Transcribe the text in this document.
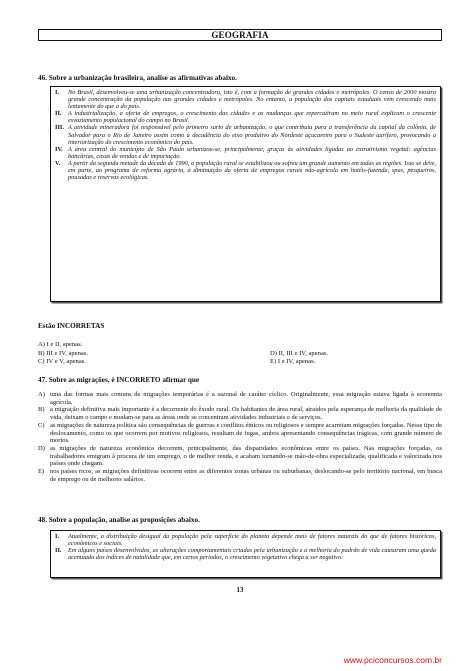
GEOGRAFIA
46. Sobre a urbanização brasileira, analise as afirmativas abaixo.
I.	No Brasil, desenvolveu-se uma urbanização concentradora, isto é, com a formação de grandes cidades e metrópoles. O censo de 2000 mostra grande concentração da população nas grandes cidades e metrópoles. No entanto, a população das capitais estaduais vem crescendo mais lentamente do que a do país.
II.	A industrialização, a oferta de empregos, o crescimento das cidades e as mudanças que repercutiram no meio rural explicam o crescente esvaziamento populacional do campo no Brasil.
III. A atividade mineradora foi responsável pelo primeiro surto de urbanização, o que contribuiu para a transferência da capital da colônia, de Salvador para o Rio de Janeiro assim como à decadência do eixo produtivo do Nordeste açucareiro para o Sudeste aurífero, provocando a interiorização do crescimento econômico do país.
IV. A área central do município de São Paulo urbanizou-se, principalmente, graças às atividades ligadas ao extrativismo vegetal: agências bancárias, casas de vendas e de importação.
V.	A partir da segunda metade da década de 1990, a população rural se estabilizou ou sofreu um grande aumento em todas as regiões. Isso se deve, em parte, ao programa de reforma agrária, à diminuição da oferta de empregos rurais não-agrícola em hotéis-fazenda, spas, pesqueiros, pousadas e reservas ecológicas.
Estão INCORRETAS
A) I e II, apenas.
B) III e IV, apenas.	D) II, III e IV, apenas.
C) IV e V, apenas.	E) I e IV, apenas.
47. Sobre as migrações, é INCORRETO afirmar que
A) uma das formas mais comuns de migrações temporárias é a sazonal de caráter cíclico. Originalmente, essa migração estava ligada à economia agrícola.
B) a migração definitiva mais importante é a decorrente do êxodo rural. Os habitantes de área rural, atraídos pela esperança de melhoria da qualidade de vida, deixam o campo e mudam-se para as áreas onde se concentram atividades industriais e de serviços.
C) as migrações de natureza política são consequências de guerras e conflitos étnicos ou religiosos e sempre acarretam migrações forçadas. Nesse tipo de deslocamento, como os que ocorrem por motivos religiosos, resultam de fugas, ambos apresentando consequências trágicas, com grande número de mortos.
D) as migrações de natureza econômica decorrem, principalmente, das disparidades econômicas entre os países. Nas migrações forçadas, os trabalhadores emigram à procura de um emprego, o de melhor renda, e acabam tornando-se mão-de-obra especializada, qualificada e valorizada nos países onde chegam.
E) nos países ricos, as migrações definitivas ocorrem entre as diferentes zonas urbanas ou suburbanas, deslocando-se pelo território nacional, em busca de emprego ou de melhores salários.
48. Sobre a população, analise as proposições abaixo.
I.	Atualmente, a distribuição desigual da população pela superfície do planeta depende mais de fatores naturais do que de fatores históricos, econômicos e sociais.
II.	Em alguns países desenvolvidos, as alterações comportamentais criadas pela urbanização e a melhoria do padrão de vida causaram uma queda acentuada dos índices de natalidade que, em certos períodos, o crescimento vegetativo chega a ser negativo.
13
www.pciconcursos.com.br
